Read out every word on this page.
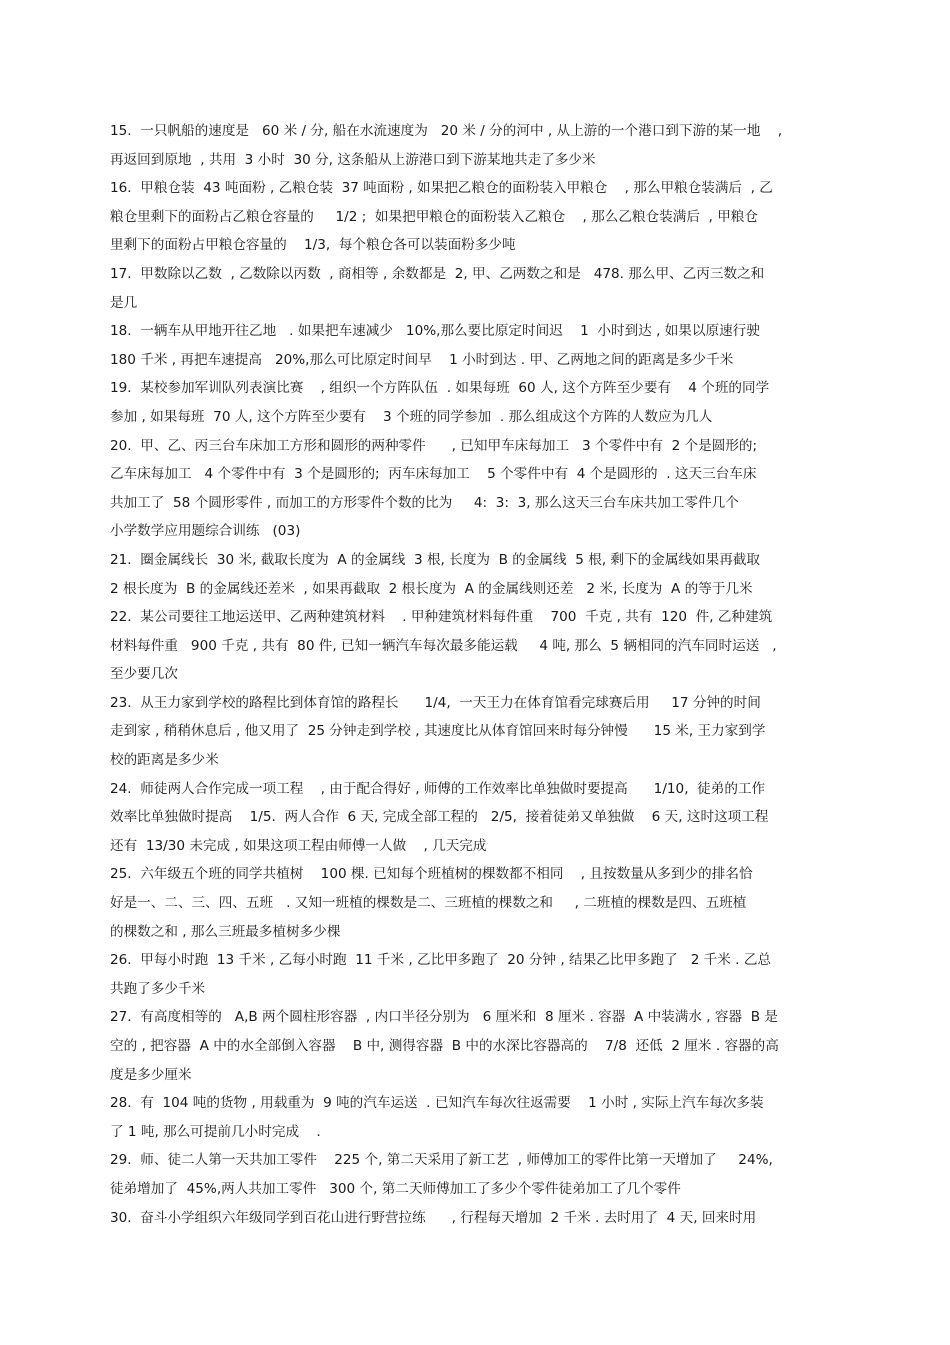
15.  一只帆船的速度是   60 米 / 分, 船在水流速度为   20 米 / 分的河中 , 从上游的一个港口到下游的某一地    ,
再返回到原地  , 共用  3 小时  30 分, 这条船从上游港口到下游某地共走了多少米
16.  甲粮仓装  43 吨面粉 , 乙粮仓装  37 吨面粉 , 如果把乙粮仓的面粉装入甲粮仓    , 那么甲粮仓装满后  , 乙
粮仓里剩下的面粉占乙粮仓容量的     1/2 ;  如果把甲粮仓的面粉装入乙粮仓    , 那么乙粮仓装满后  , 甲粮仓
里剩下的面粉占甲粮仓容量的    1/3,  每个粮仓各可以装面粉多少吨
17.  甲数除以乙数  , 乙数除以丙数  , 商相等 , 余数都是  2, 甲、乙两数之和是   478. 那么甲、乙丙三数之和
是几
18.  一辆车从甲地开往乙地   . 如果把车速减少   10%,那么要比原定时间迟    1  小时到达 , 如果以原速行驶
180 千米 , 再把车速提高   20%,那么可比原定时间早    1 小时到达 . 甲、乙两地之间的距离是多少千米
19.  某校参加军训队列表演比赛    , 组织一个方阵队伍  . 如果每班  60 人, 这个方阵至少要有    4 个班的同学
参加 , 如果每班  70 人, 这个方阵至少要有    3 个班的同学参加  . 那么组成这个方阵的人数应为几人
20.  甲、乙、丙三台车床加工方形和圆形的两种零件      , 已知甲车床每加工   3 个零件中有  2 个是圆形的;
乙车床每加工   4 个零件中有  3 个是圆形的;  丙车床每加工    5 个零件中有  4 个是圆形的  . 这天三台车床
共加工了  58 个圆形零件 , 而加工的方形零件个数的比为     4:  3:  3, 那么这天三台车床共加工零件几个
小学数学应用题综合训练   (03)
21.  圈金属线长  30 米, 截取长度为  A 的金属线  3 根, 长度为  B 的金属线  5 根, 剩下的金属线如果再截取
2 根长度为  B 的金属线还差米  , 如果再截取  2 根长度为  A 的金属线则还差   2 米, 长度为  A 的等于几米
22.  某公司要往工地运送甲、乙两种建筑材料    . 甲种建筑材料每件重    700  千克 , 共有  120  件, 乙种建筑
材料每件重   900 千克 , 共有  80 件, 已知一辆汽车每次最多能运载     4 吨, 那么  5 辆相同的汽车同时运送   ,
至少要几次
23.  从王力家到学校的路程比到体育馆的路程长      1/4,  一天王力在体育馆看完球赛后用     17 分钟的时间
走到家 , 稍稍休息后 , 他又用了  25 分钟走到学校 , 其速度比从体育馆回来时每分钟慢      15 米, 王力家到学
校的距离是多少米
24.  师徒两人合作完成一项工程    , 由于配合得好 , 师傅的工作效率比单独做时要提高      1/10,  徒弟的工作
效率比单独做时提高    1/5.  两人合作  6 天, 完成全部工程的   2/5,  接着徒弟又单独做    6 天, 这时这项工程
还有  13/30 未完成 , 如果这项工程由师傅一人做    , 几天完成
25.  六年级五个班的同学共植树    100 棵. 已知每个班植树的棵数都不相同    , 且按数量从多到少的排名恰
好是一、二、三、四、五班   . 又知一班植的棵数是二、三班植的棵数之和     , 二班植的棵数是四、五班植
的棵数之和 , 那么三班最多植树多少棵
26.  甲每小时跑  13 千米 , 乙每小时跑  11 千米 , 乙比甲多跑了  20 分钟 , 结果乙比甲多跑了   2 千米 . 乙总
共跑了多少千米
27.  有高度相等的   A,B 两个圆柱形容器  , 内口半径分别为   6 厘米和  8 厘米 . 容器  A 中装满水 , 容器  B 是
空的 , 把容器  A 中的水全部倒入容器    B 中, 测得容器  B 中的水深比容器高的    7/8  还低  2 厘米 . 容器的高
度是多少厘米
28.  有  104 吨的货物 , 用载重为  9 吨的汽车运送  . 已知汽车每次往返需要    1 小时 , 实际上汽车每次多装
了 1 吨, 那么可提前几小时完成    .
29.  师、徒二人第一天共加工零件    225 个, 第二天采用了新工艺  , 师傅加工的零件比第一天增加了     24%,
徒弟增加了  45%,两人共加工零件   300 个, 第二天师傅加工了多少个零件徒弟加工了几个零件
30.  奋斗小学组织六年级同学到百花山进行野营拉练      , 行程每天增加  2 千米 . 去时用了  4 天, 回来时用
